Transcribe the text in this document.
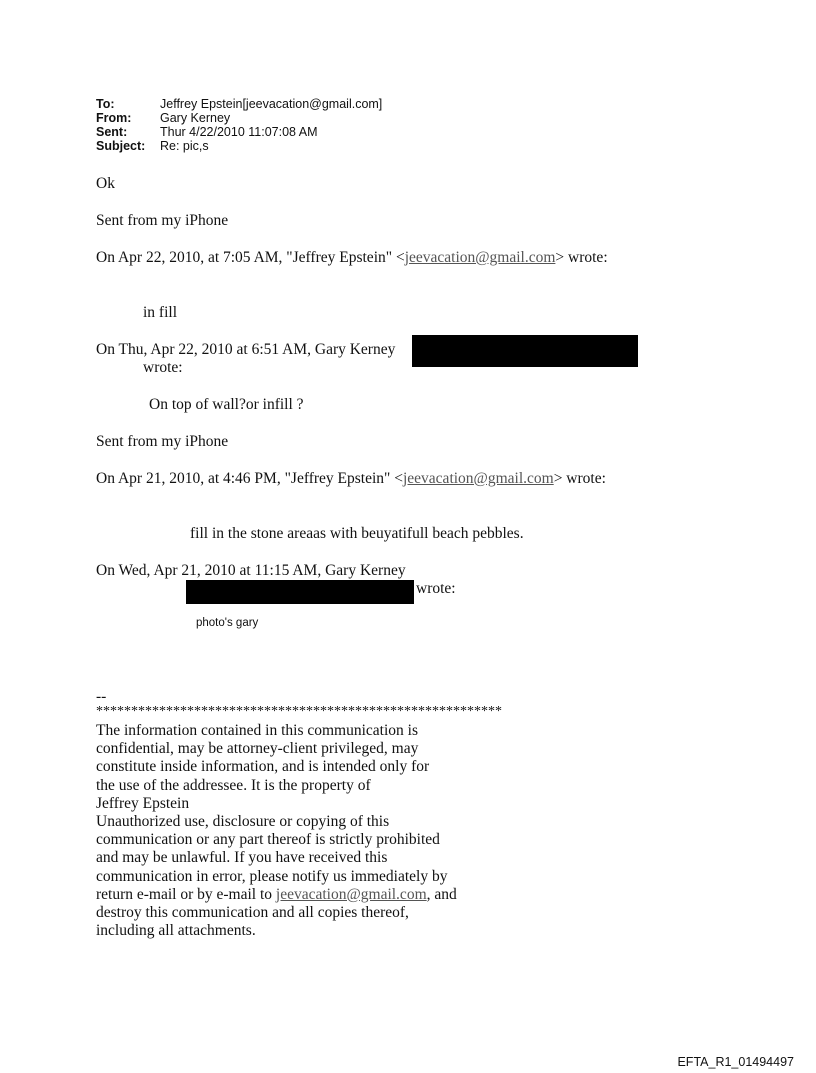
To:	Jeffrey Epstein[jeevacation@gmail.com]
From: Gary Kerney
Sent:	Thur 4/22/2010 11:07:08 AM
Subject: Re: pic,s
Ok
Sent from my iPhone
On Apr 22, 2010, at 7:05 AM, "Jeffrey Epstein" <jeevacation@gmail.com> wrote:
in fill
On Thu, Apr 22, 2010 at 6:51 AM, Gary Kerney
wrote:
On top of wall?or infill ?
Sent from my iPhone
On Apr 21, 2010, at 4:46 PM, "Jeffrey Epstein" <jeevacation@gmail.com> wrote:
fill in the stone areaas with beuyatifull beach pebbles.
On Wed, Apr 21, 2010 at 11:15 AM, Gary Kerney
wrote:
photo's gary
--
**********************************************************
The information contained in this communication is
confidential, may be attorney-client privileged, may
constitute inside information, and is intended only for
the use of the addressee. It is the property of
Jeffrey Epstein
Unauthorized use, disclosure or copying of this
communication or any part thereof is strictly prohibited
and may be unlawful. If you have received this
communication in error, please notify us immediately by
return e-mail or by e-mail to jeevacation@gmail.com, and
destroy this communication and all copies thereof,
including all attachments.
EFTA_R1_01494497
